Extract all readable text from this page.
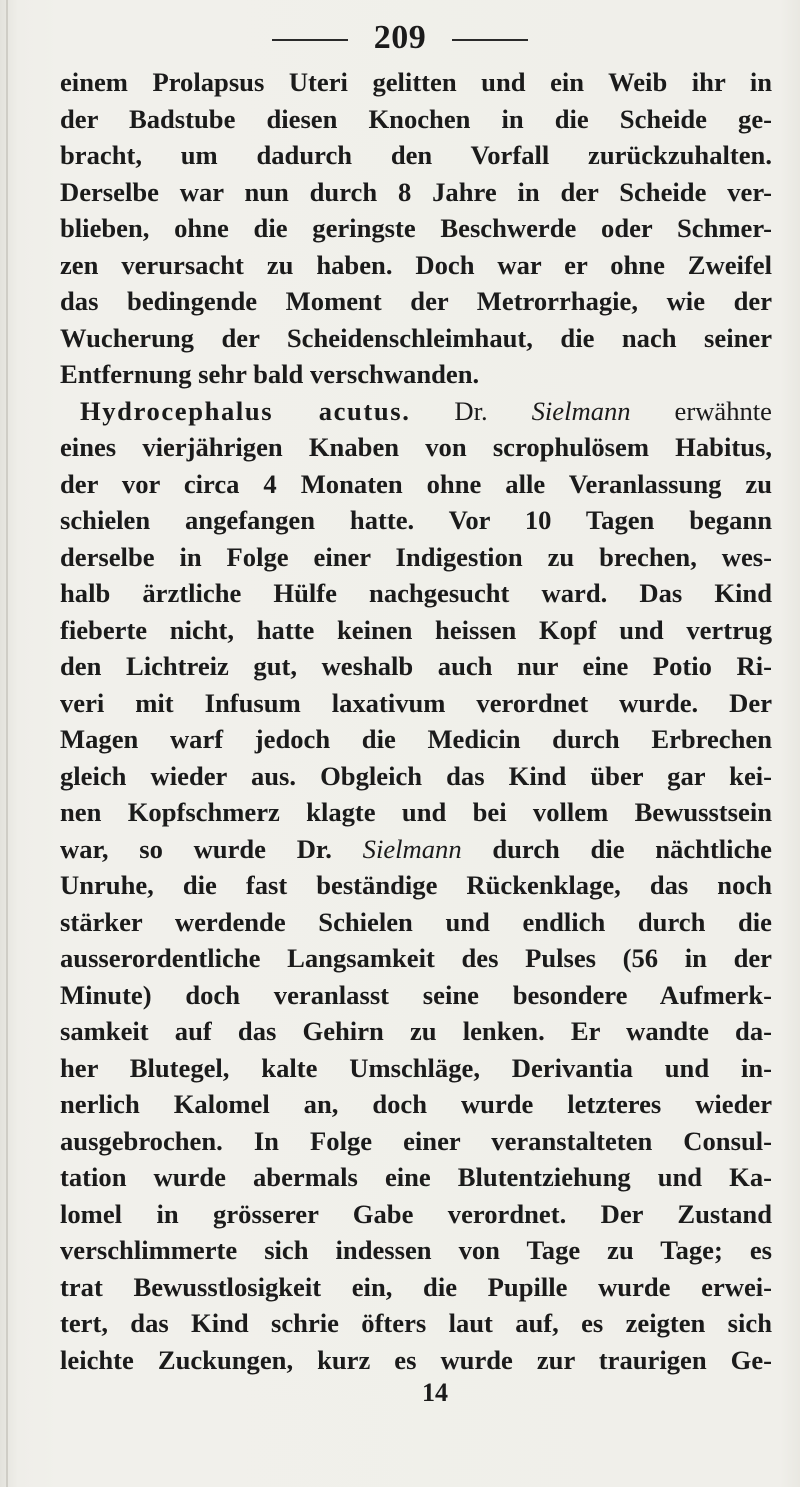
209
einem Prolapsus Uteri gelitten und ein Weib ihr in
der Badstube diesen Knochen in die Scheide ge-
bracht, um dadurch den Vorfall zurückzuhalten.
Derselbe war nun durch 8 Jahre in der Scheide ver-
blieben, ohne die geringste Beschwerde oder Schmer-
zen verursacht zu haben. Doch war er ohne Zweifel
das bedingende Moment der Metrorrhagie, wie der
Wucherung der Scheidenschleimhaut, die nach seiner
Entfernung sehr bald verschwanden.
Hydrocephalus acutus. Dr. Sielmann erwähnte
eines vierjährigen Knaben von scrophulösem Habitus,
der vor circa 4 Monaten ohne alle Veranlassung zu
schielen angefangen hatte. Vor 10 Tagen begann
derselbe in Folge einer Indigestion zu brechen, wes-
halb ärztliche Hülfe nachgesucht ward. Das Kind
fieberte nicht, hatte keinen heissen Kopf und vertrug
den Lichtreiz gut, weshalb auch nur eine Potio Ri-
veri mit Infusum laxativum verordnet wurde. Der
Magen warf jedoch die Medicin durch Erbrechen
gleich wieder aus. Obgleich das Kind über gar kei-
nen Kopfschmerz klagte und bei vollem Bewusstsein
war, so wurde Dr. Sielmann durch die nächtliche
Unruhe, die fast beständige Rückenklage, das noch
stärker werdende Schielen und endlich durch die
ausserordentliche Langsamkeit des Pulses (56 in der
Minute) doch veranlasst seine besondere Aufmerk-
samkeit auf das Gehirn zu lenken. Er wandte da-
her Blutegel, kalte Umschläge, Derivantia und in-
nerlich Kalomel an, doch wurde letzteres wieder
ausgebrochen. In Folge einer veranstalteten Consul-
tation wurde abermals eine Blutentziehung und Ka-
lomel in grösserer Gabe verordnet. Der Zustand
verschlimmerte sich indessen von Tage zu Tage; es
trat Bewusstlosigkeit ein, die Pupille wurde erwei-
tert, das Kind schrie öfters laut auf, es zeigten sich
leichte Zuckungen, kurz es wurde zur traurigen Ge-
14
